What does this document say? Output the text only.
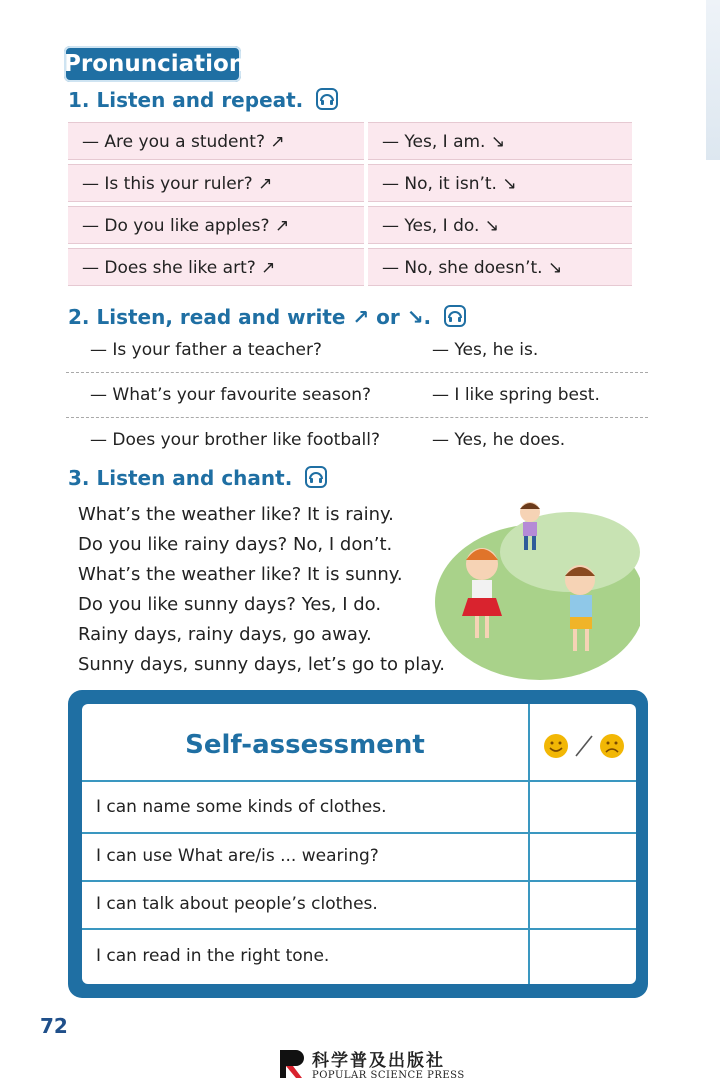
Pronunciation
1. Listen and repeat.
— Are you a student? ↗	— Yes, I am. ↘
— Is this your ruler? ↗	— No, it isn’t. ↘
— Do you like apples? ↗	— Yes, I do. ↘
— Does she like art? ↗	— No, she doesn’t. ↘
2. Listen, read and write ↗ or ↘.
— Is your father a teacher?	— Yes, he is.
— What’s your favourite season?	— I like spring best.
— Does your brother like football?	— Yes, he does.
3. Listen and chant.
What’s the weather like? It is rainy.
Do you like rainy days? No, I don’t.
What’s the weather like? It is sunny.
Do you like sunny days? Yes, I do.
Rainy days, rainy days, go away.
Sunny days, sunny days, let’s go to play.
Self-assessment
I can name some kinds of clothes.
I can use What are/is ... wearing?
I can talk about people’s clothes.
I can read in the right tone.
72
科学普及出版社
POPULAR SCIENCE PRESS
